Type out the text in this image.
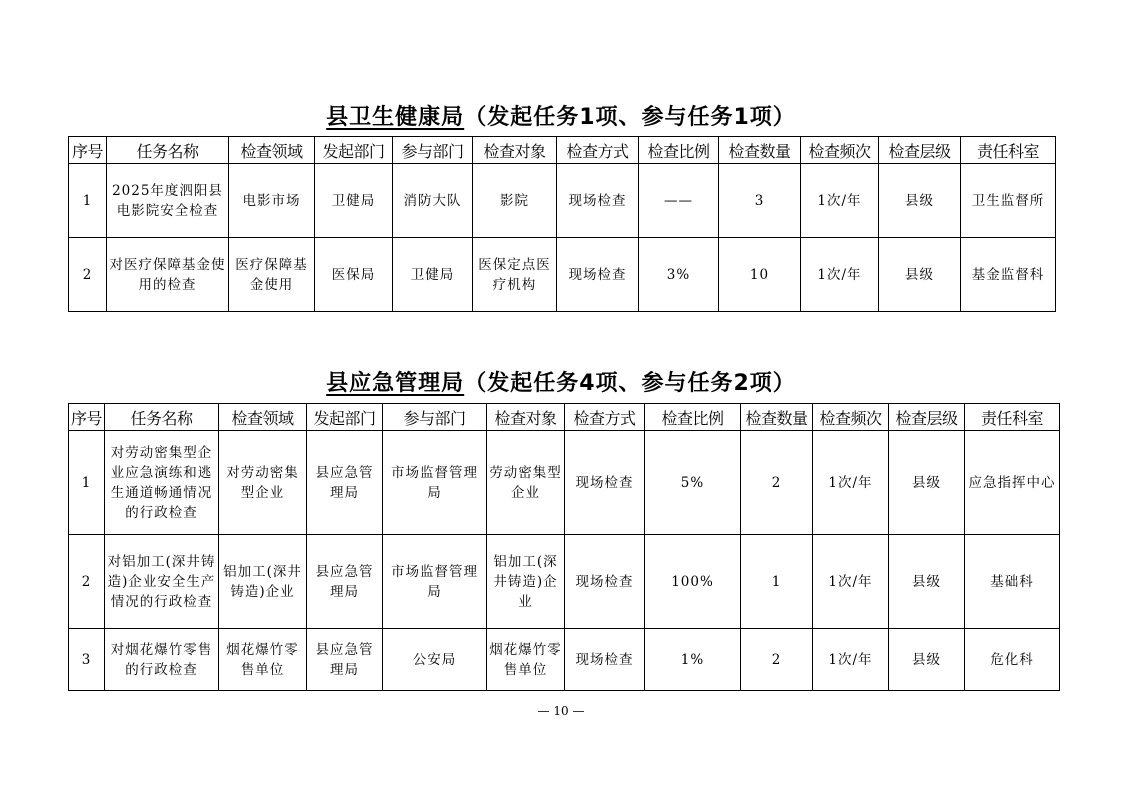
县卫生健康局（发起任务1项、参与任务1项）
序号	任务名称	检查领域	发起部门	参与部门	检查对象	检查方式	检查比例	检查数量	检查频次	检查层级	责任科室
1	2025年度泗阳县电影院安全检查	电影市场	卫健局	消防大队	影院	现场检查	——	3	1次/年	县级	卫生监督所
2	对医疗保障基金使用的检查	医疗保障基金使用	医保局	卫健局	医保定点医疗机构	现场检查	3%	10	1次/年	县级	基金监督科
县应急管理局（发起任务4项、参与任务2项）
序号	任务名称	检查领域	发起部门	参与部门	检查对象	检查方式	检查比例	检查数量	检查频次	检查层级	责任科室
1	对劳动密集型企业应急演练和逃生通道畅通情况的行政检查	对劳动密集型企业	县应急管理局	市场监督管理局	劳动密集型企业	现场检查	5%	2	1次/年	县级	应急指挥中心
2	对铝加工(深井铸造)企业安全生产情况的行政检查	铝加工(深井铸造)企业	县应急管理局	市场监督管理局	铝加工(深井铸造)企业	现场检查	100%	1	1次/年	县级	基础科
3	对烟花爆竹零售的行政检查	烟花爆竹零售单位	县应急管理局	公安局	烟花爆竹零售单位	现场检查	1%	2	1次/年	县级	危化科
— 10 —
